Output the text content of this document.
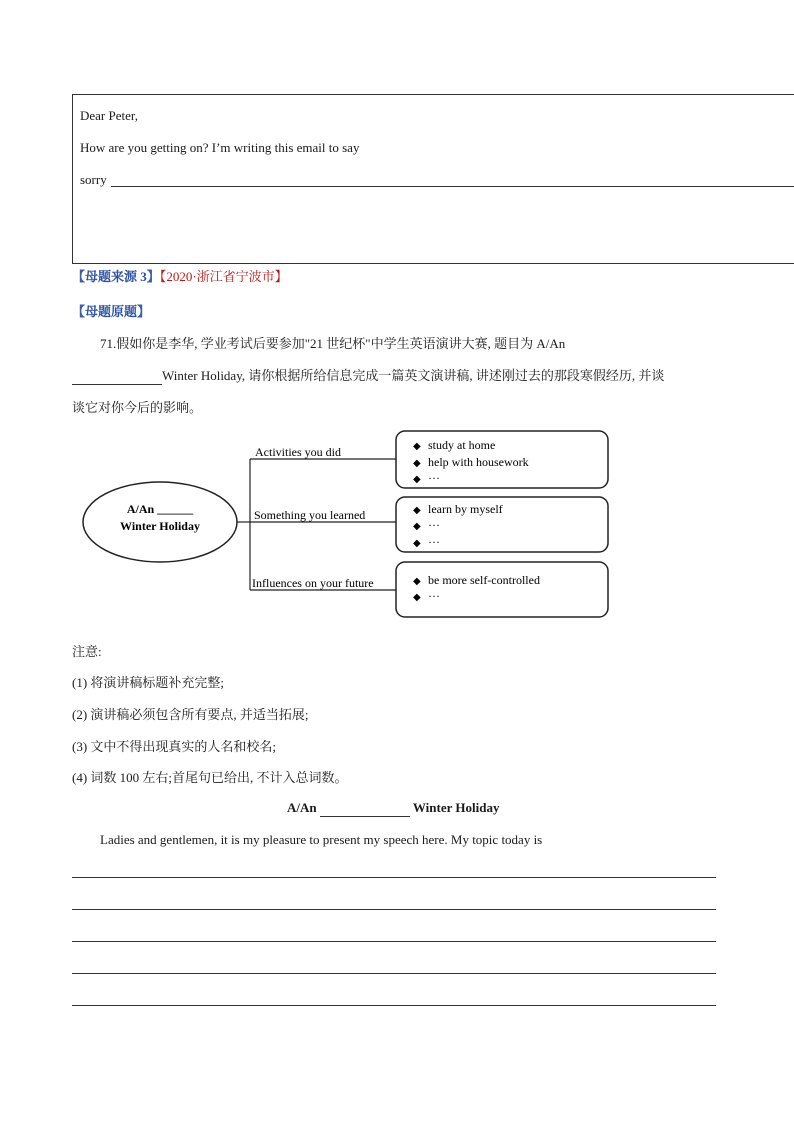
Dear Peter,
How are you getting on? I’m writing this email to say
sorry
【母题来源 3】【2020·浙江省宁波市】
【母题原题】
71.假如你是李华, 学业考试后要参加"21 世纪杯"中学生英语演讲大赛, 题目为 A/An
Winter Holiday, 请你根据所给信息完成一篇英文演讲稿, 讲述刚过去的那段寒假经历, 并谈
谈它对你今后的影响。
A/An ______
Winter Holiday
Activities you did
Something you learned
Influences on your future
◆ study at home
◆ help with housework
◆ ···
◆ learn by myself
◆ ···
◆ ···
◆ be more self-controlled
◆ ···
注意:
(1) 将演讲稿标题补充完整;
(2) 演讲稿必须包含所有要点, 并适当拓展;
(3) 文中不得出现真实的人名和校名;
(4) 词数 100 左右;首尾句已给出, 不计入总词数。
A/An	Winter Holiday
Ladies and gentlemen, it is my pleasure to present my speech here. My topic today is
